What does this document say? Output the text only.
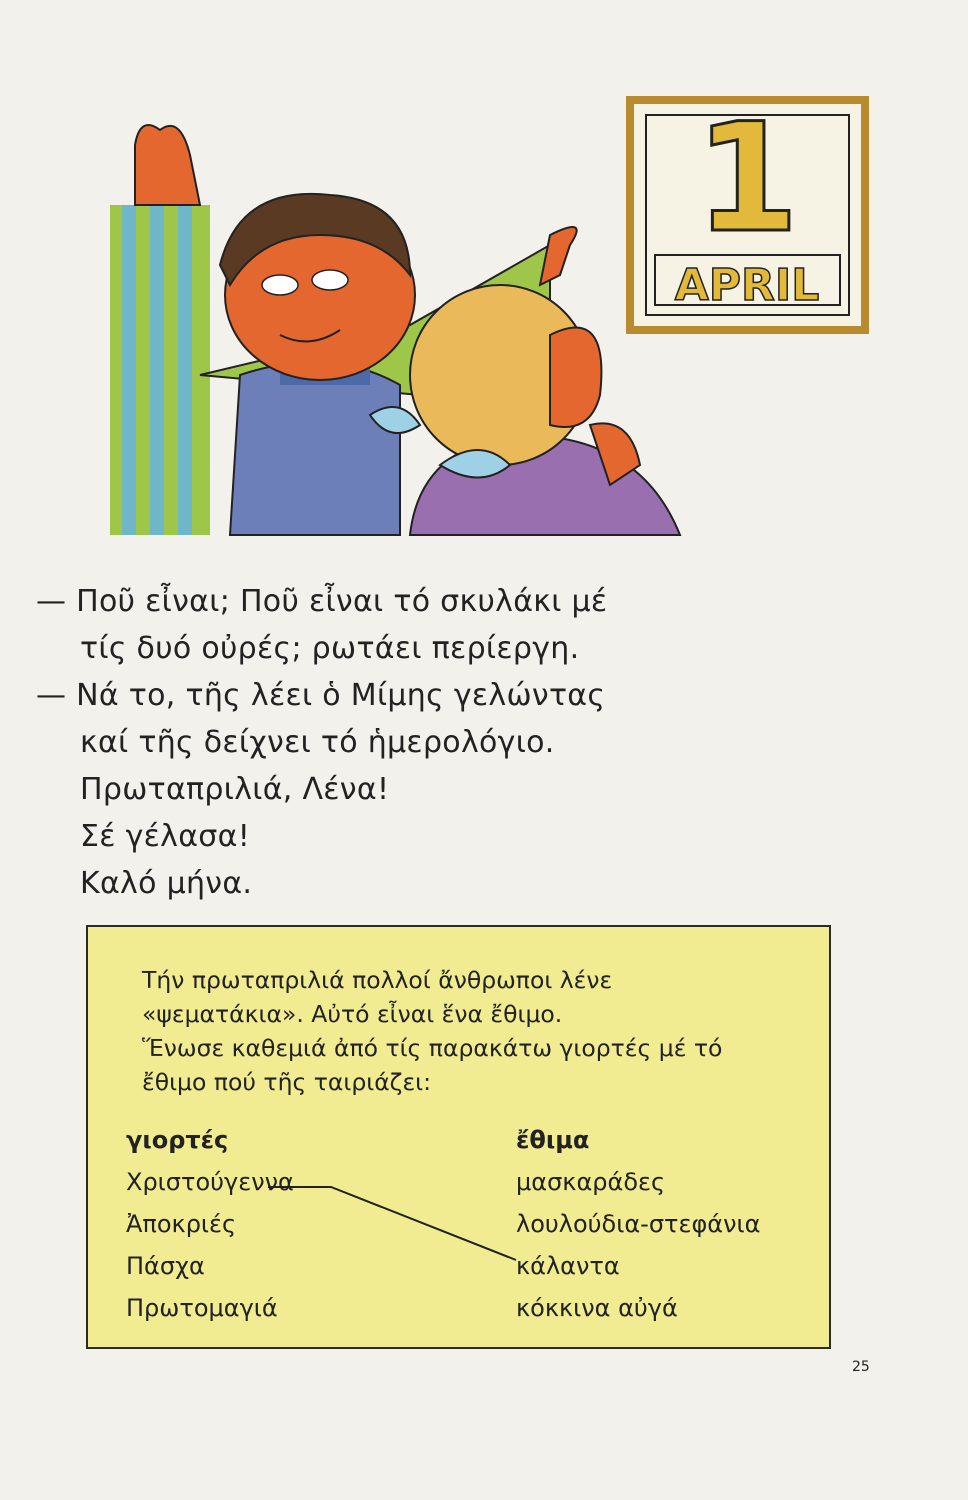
1
APRIL
— Ποῦ εἶναι; Ποῦ εἶναι τό σκυλάκι μέ
τίς δυό οὐρές; ρωτάει περίεργη.
— Νά το, τῆς λέει ὁ Μίμης γελώντας
καί τῆς δείχνει τό ἡμερολόγιο.
Πρωταπριλιά, Λένα!
Σέ γέλασα!
Καλό μήνα.
Τήν πρωταπριλιά πολλοί ἄνθρωποι λένε
«ψεματάκια». Αὐτό εἶναι ἕνα ἔθιμο.
Ἕνωσε καθεμιά ἀπό τίς παρακάτω γιορτές μέ τό
ἔθιμο πού τῆς ταιριάζει:
γιορτές
Χριστούγεννα
Ἀποκριές
Πάσχα
Πρωτομαγιά
ἔθιμα
μασκαράδες
λουλούδια-στεφάνια
κάλαντα
κόκκινα αὐγά
25
